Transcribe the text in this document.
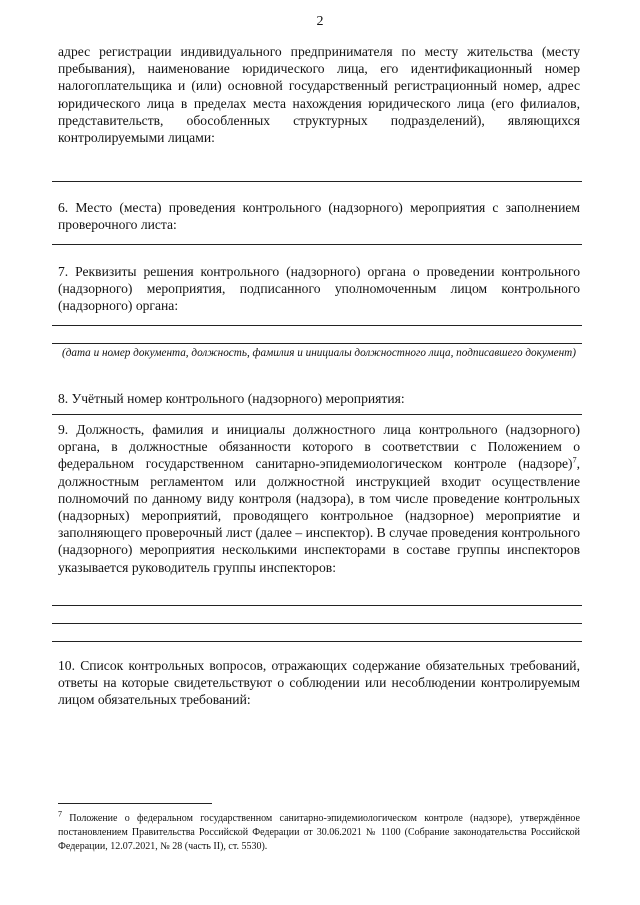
2
адрес регистрации индивидуального предпринимателя по месту жительства (месту пребывания), наименование юридического лица, его идентификационный номер налогоплательщика и (или) основной государственный регистрационный номер, адрес юридического лица в пределах места нахождения юридического лица (его филиалов, представительств, обособленных структурных подразделений), являющихся контролируемыми лицами:
6. Место (места) проведения контрольного (надзорного) мероприятия с заполнением проверочного листа:
7. Реквизиты решения контрольного (надзорного) органа о проведении контрольного (надзорного) мероприятия, подписанного уполномоченным лицом контрольного (надзорного) органа:
(дата и номер документа, должность, фамилия и инициалы должностного лица, подписавшего документ)
8. Учётный номер контрольного (надзорного) мероприятия:
9. Должность, фамилия и инициалы должностного лица контрольного (надзорного) органа, в должностные обязанности которого в соответствии с Положением о федеральном государственном санитарно-эпидемиологическом контроле (надзоре)$^7$, должностным регламентом или должностной инструкцией входит осуществление полномочий по данному виду контроля (надзора), в том числе проведение контрольных (надзорных) мероприятий, проводящего контрольное (надзорное) мероприятие и заполняющего проверочный лист (далее – инспектор). В случае проведения контрольного (надзорного) мероприятия несколькими инспекторами в составе группы инспекторов указывается руководитель группы инспекторов:
10. Список контрольных вопросов, отражающих содержание обязательных требований, ответы на которые свидетельствуют о соблюдении или несоблюдении контролируемым лицом обязательных требований:
$^7$ Положение о федеральном государственном санитарно-эпидемиологическом контроле (надзоре), утверждённое постановлением Правительства Российской Федерации от 30.06.2021 № 1100 (Собрание законодательства Российской Федерации, 12.07.2021, № 28 (часть II), ст. 5530).
